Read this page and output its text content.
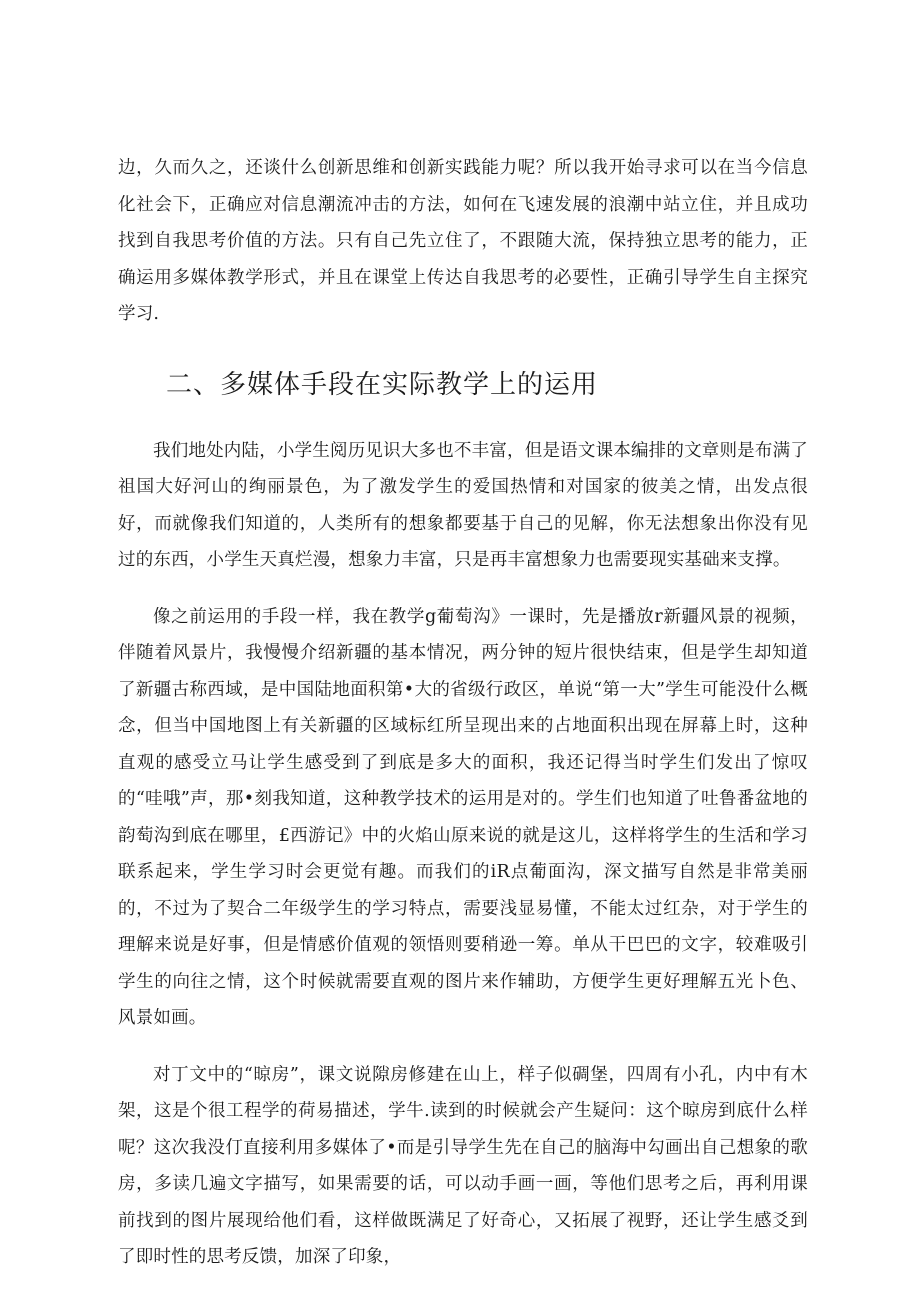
边，久而久之，还谈什么创新思维和创新实践能力呢？所以我开始寻求可以在当今信息化社会下，正确应对信息潮流冲击的方法，如何在飞速发展的浪潮中站立住，并且成功找到自我思考价值的方法。只有自己先立住了，不跟随大流，保持独立思考的能力，正确运用多媒体教学形式，并且在课堂上传达自我思考的必要性，正确引导学生自主探究学习.

二、多媒体手段在实际教学上的运用

我们地处内陆，小学生阅历见识大多也不丰富，但是语文课本编排的文章则是布满了祖国大好河山的绚丽景色，为了激发学生的爱国热情和对国家的彼美之情，出发点很好，而就像我们知道的，人类所有的想象都要基于自己的见解，你无法想象出你没有见过的东西，小学生天真烂漫，想象力丰富，只是再丰富想象力也需要现实基础来支撑。

像之前运用的手段一样，我在教学g葡萄沟》一课时，先是播放r新疆风景的视频，伴随着风景片，我慢慢介绍新疆的基本情况，两分钟的短片很快结束，但是学生却知道了新疆古称西域，是中国陆地面积第•大的省级行政区，单说“第一大”学生可能没什么概念，但当中国地图上有关新疆的区域标红所呈现出来的占地面积出现在屏幕上时，这种直观的感受立马让学生感受到了到底是多大的面积，我还记得当时学生们发出了惊叹的“哇哦”声，那•刻我知道，这种教学技术的运用是对的。学生们也知道了吐鲁番盆地的韵萄沟到底在哪里，£西游记》中的火焰山原来说的就是这儿，这样将学生的生活和学习联系起来，学生学习时会更觉有趣。而我们的iR点葡面沟，深文描写自然是非常美丽的，不过为了契合二年级学生的学习特点，需要浅显易懂，不能太过红杂，对于学生的理解来说是好事，但是情感价值观的领悟则要稍逊一筹。单从干巴巴的文字，较难吸引学生的向往之情，这个时候就需要直观的图片来作辅助，方便学生更好理解五光卜色、风景如画。

对丁文中的“晾房”，课文说隙房修建在山上，样子似碉堡，四周有小孔，内中有木架，这是个很工程学的荷易描述，学牛.读到的时候就会产生疑问：这个晾房到底什么样呢？这次我没仃直接利用多媒体了•而是引导学生先在自己的脑海中勾画出自己想象的歌房，多读几遍文字描写，如果需要的话，可以动手画一画，等他们思考之后，再利用课前找到的图片展现给他们看，这样做既满足了好奇心，又拓展了视野，还让学生感爻到了即时性的思考反馈，加深了印象，
